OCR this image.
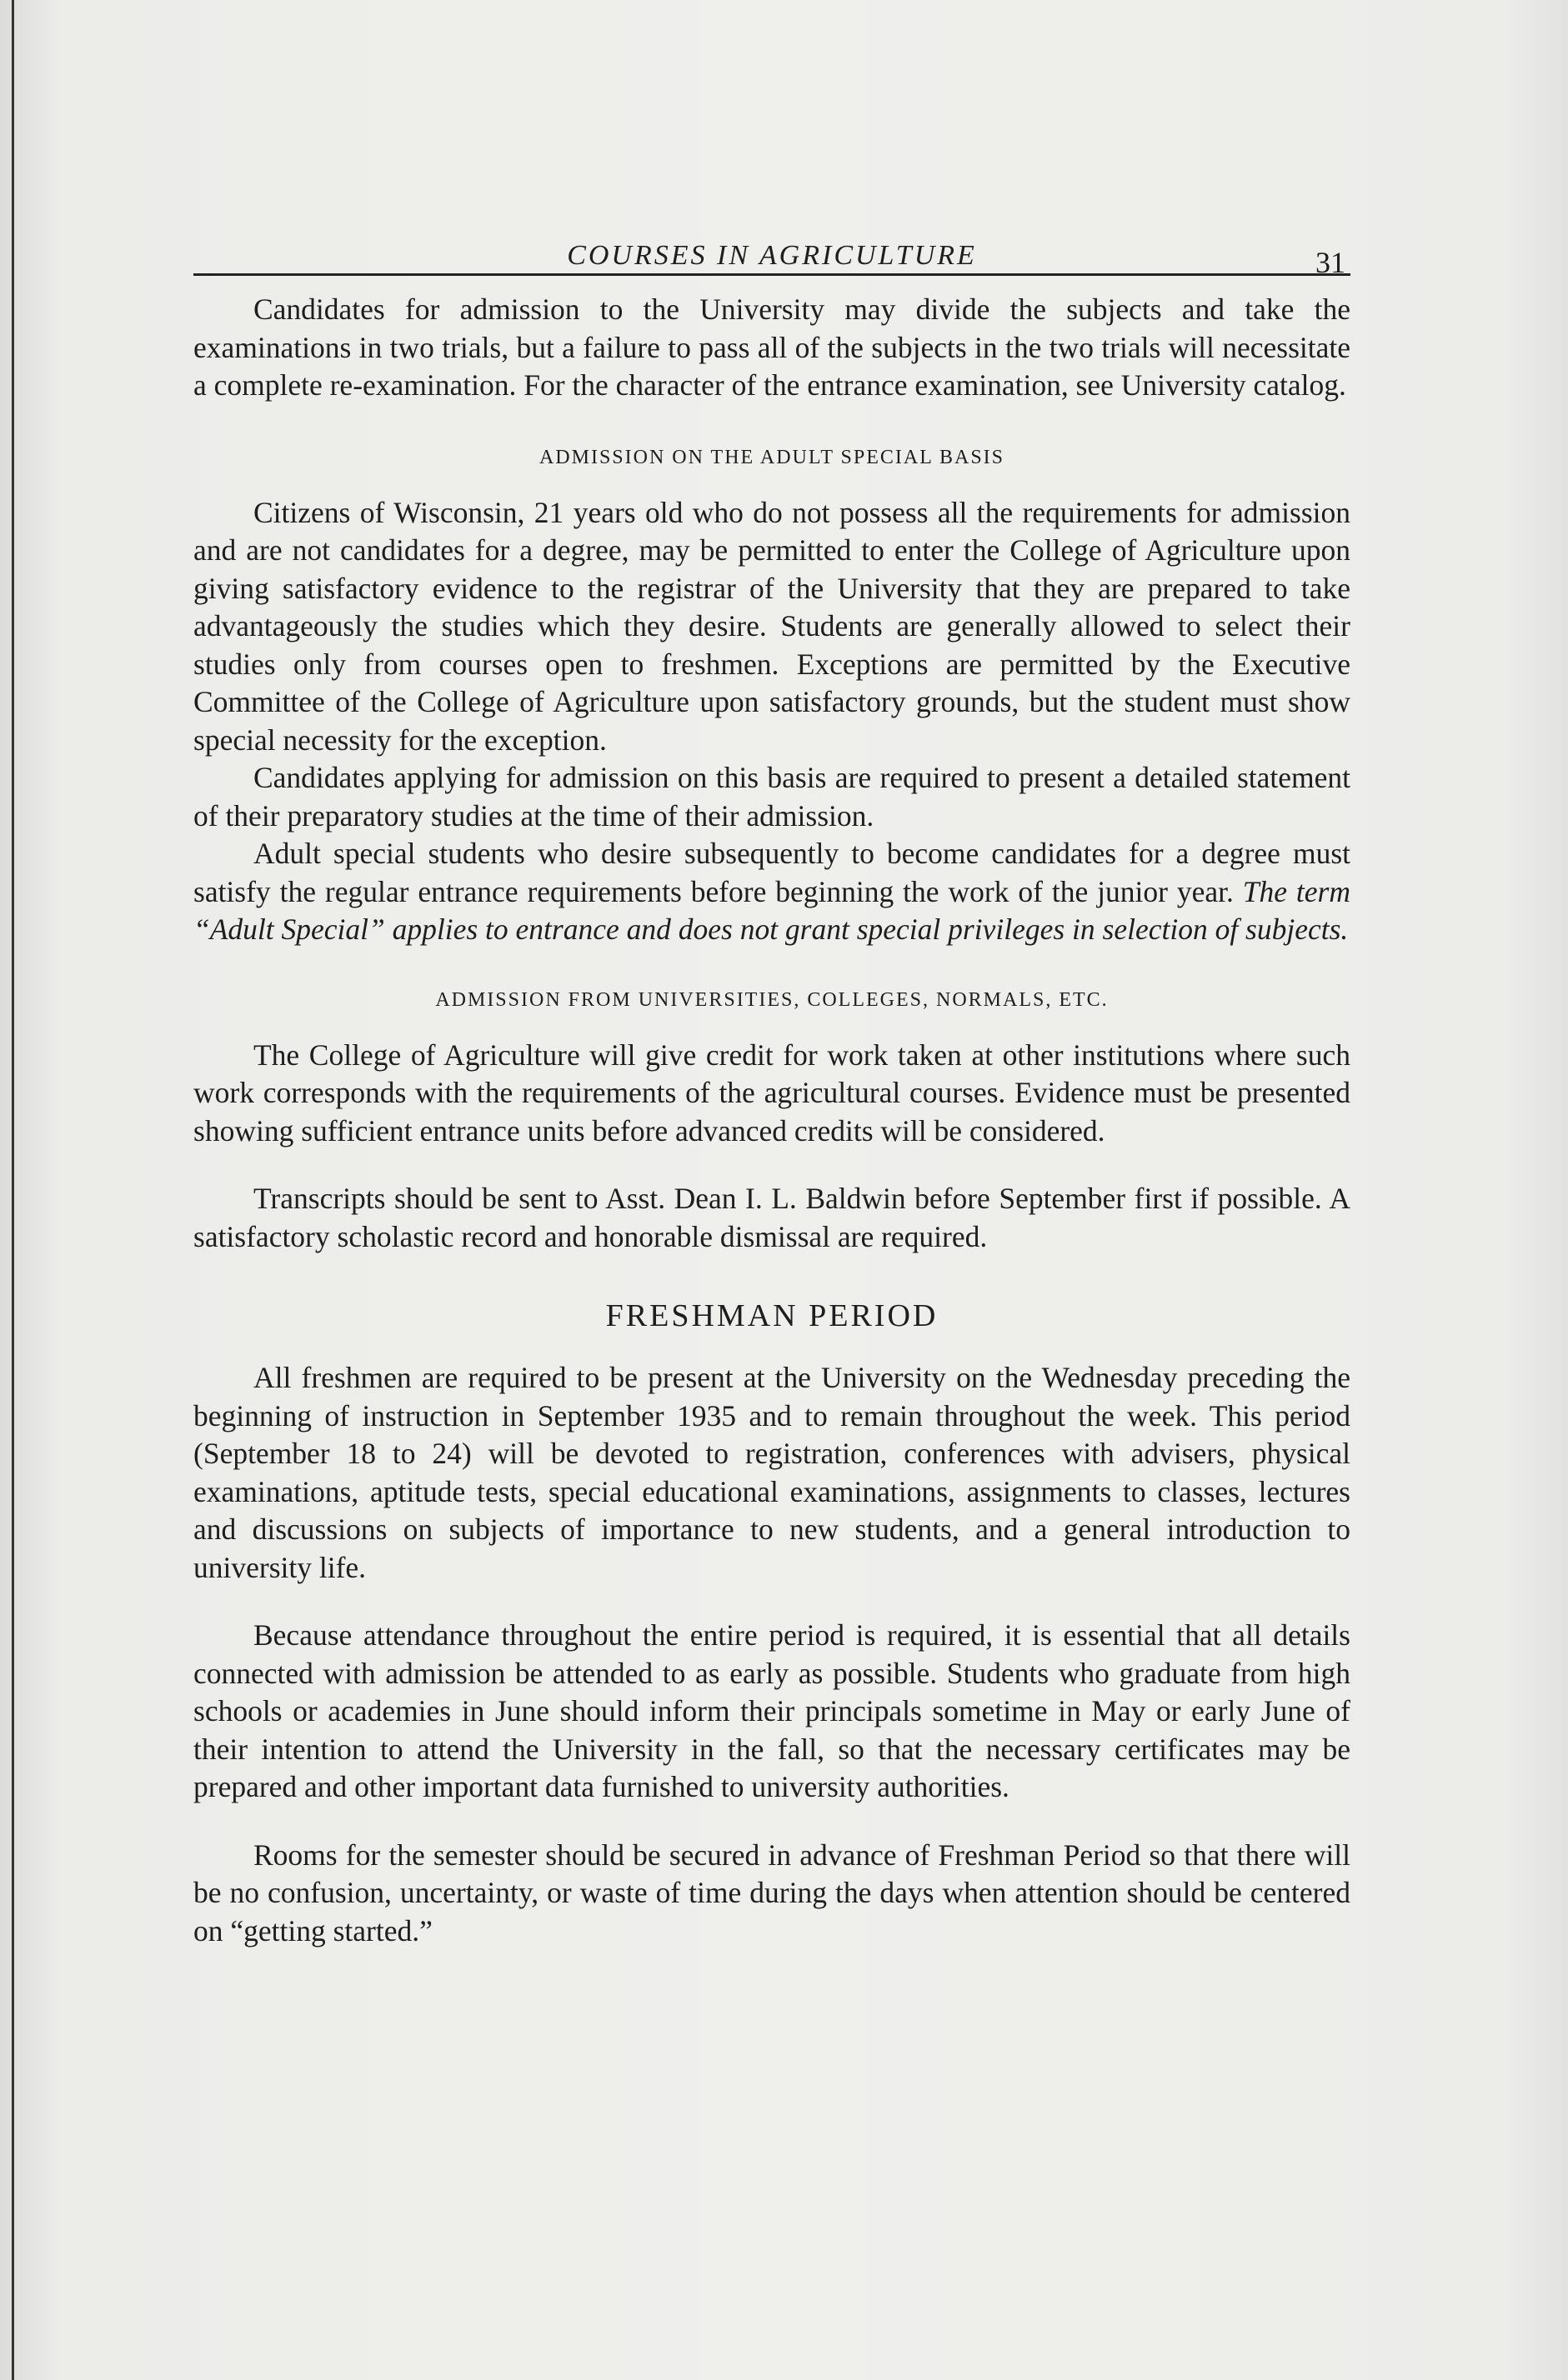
COURSES IN AGRICULTURE	31

Candidates for admission to the University may divide the subjects and take the examinations in two trials, but a failure to pass all of the subjects in the two trials will necessitate a complete re-examination. For the character of the entrance examination, see University catalog.

ADMISSION ON THE ADULT SPECIAL BASIS

Citizens of Wisconsin, 21 years old who do not possess all the requirements for admission and are not candidates for a degree, may be permitted to enter the College of Agriculture upon giving satisfactory evidence to the registrar of the University that they are prepared to take advantageously the studies which they desire. Students are generally allowed to select their studies only from courses open to freshmen. Exceptions are permitted by the Executive Committee of the College of Agriculture upon satisfactory grounds, but the student must show special necessity for the exception.

Candidates applying for admission on this basis are required to present a detailed statement of their preparatory studies at the time of their admission.

Adult special students who desire subsequently to become candidates for a degree must satisfy the regular entrance requirements before beginning the work of the junior year. The term “Adult Special” applies to entrance and does not grant special privileges in selection of subjects.

ADMISSION FROM UNIVERSITIES, COLLEGES, NORMALS, ETC.

The College of Agriculture will give credit for work taken at other institutions where such work corresponds with the requirements of the agricultural courses. Evidence must be presented showing sufficient entrance units before advanced credits will be considered.

Transcripts should be sent to Asst. Dean I. L. Baldwin before September first if possible. A satisfactory scholastic record and honorable dismissal are required.

FRESHMAN PERIOD

All freshmen are required to be present at the University on the Wednesday preceding the beginning of instruction in September 1935 and to remain throughout the week. This period (September 18 to 24) will be devoted to registration, conferences with advisers, physical examinations, aptitude tests, special educational examinations, assignments to classes, lectures and discussions on subjects of importance to new students, and a general introduction to university life.

Because attendance throughout the entire period is required, it is essential that all details connected with admission be attended to as early as possible. Students who graduate from high schools or academies in June should inform their principals sometime in May or early June of their intention to attend the University in the fall, so that the necessary certificates may be prepared and other important data furnished to university authorities.

Rooms for the semester should be secured in advance of Freshman Period so that there will be no confusion, uncertainty, or waste of time during the days when attention should be centered on “getting started.”
